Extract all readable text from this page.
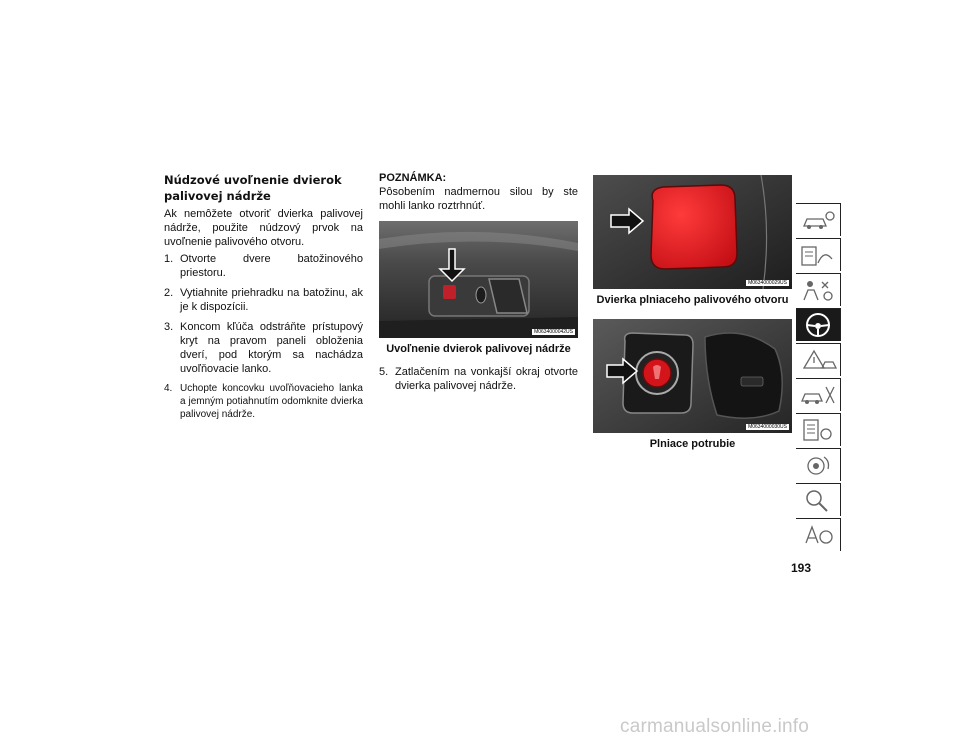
Núdzové uvoľnenie dvierok palivovej nádrže
Ak nemôžete otvoriť dvierka palivovej nádrže, použite núdzový prvok na uvoľnenie palivového otvoru.
1. Otvorte dvere batožinového priestoru.
2. Vytiahnite priehradku na batožinu, ak je k dispozícii.
3. Koncom kľúča odstráňte prístupový kryt na pravom paneli obloženia dverí, pod ktorým sa nachádza uvoľňovacie lanko.
4. Uchopte koncovku uvoľňovacieho lanka a jemným potiahnutím odomknite dvierka palivovej nádrže.
POZNÁMKA:
Pôsobením nadmernou silou by ste mohli lanko roztrhnúť.
M0634000042US
Uvoľnenie dvierok palivovej nádrže
5. Zatlačením na vonkajší okraj otvorte dvierka palivovej nádrže.
M0634000029US
Dvierka plniaceho palivového otvoru
M0634000030US
Plniace potrubie
193
carmanualsonline.info
